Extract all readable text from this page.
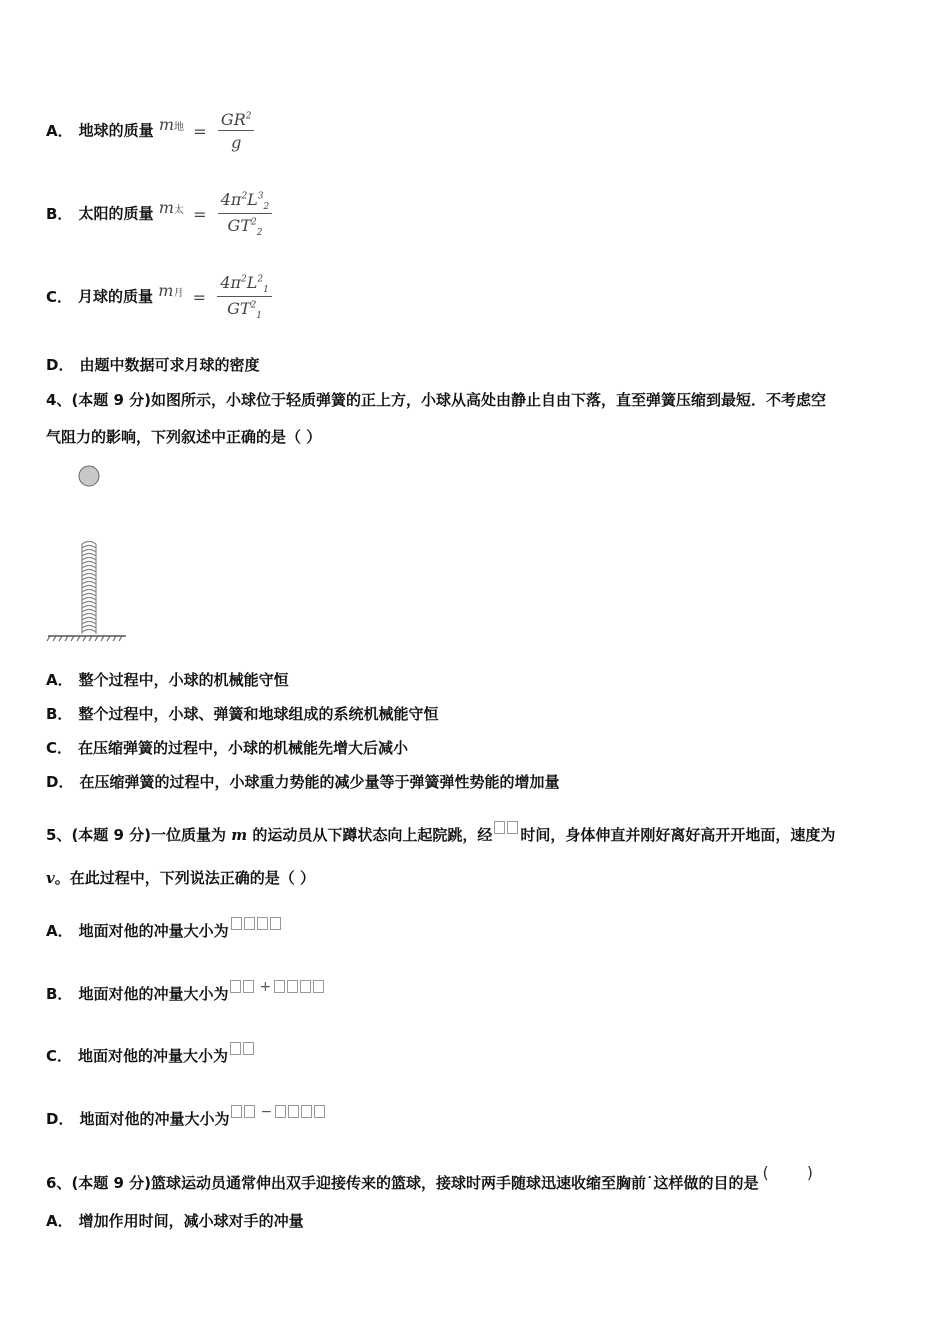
A． 地球的质量 m地 = $\frac{GR^2}{g}$
B． 太阳的质量 m太 = $\frac{4\pi^2L^3_2}{GT^2_2}$
C． 月球的质量 m月 = $\frac{4\pi^2L^2_1}{GT^2_1}$
D． 由题中数据可求月球的密度
4、(本题 9 分)如图所示，小球位于轻质弹簧的正上方，小球从高处由静止自由下落，直至弹簧压缩到最短．不考虑空
气阻力的影响，下列叙述中正确的是（ ）
A． 整个过程中，小球的机械能守恒
B． 整个过程中，小球、弹簧和地球组成的系统机械能守恒
C． 在压缩弹簧的过程中，小球的机械能先增大后减小
D． 在压缩弹簧的过程中，小球重力势能的减少量等于弹簧弹性势能的增加量
5、(本题 9 分)一位质量为 m 的运动员从下蹲状态向上起院跳，经 时间，身体伸直并刚好离好高开开地面，速度为
v。在此过程中，下列说法正确的是（ ）
A． 地面对他的冲量大小为
B． 地面对他的冲量大小为 +
C． 地面对他的冲量大小为
D． 地面对他的冲量大小为 −
6、(本题 9 分)篮球运动员通常伸出双手迎接传来的篮球，接球时两手随球迅速收缩至胸前˙这样做的目的是( )
A． 增加作用时间，减小球对手的冲量
